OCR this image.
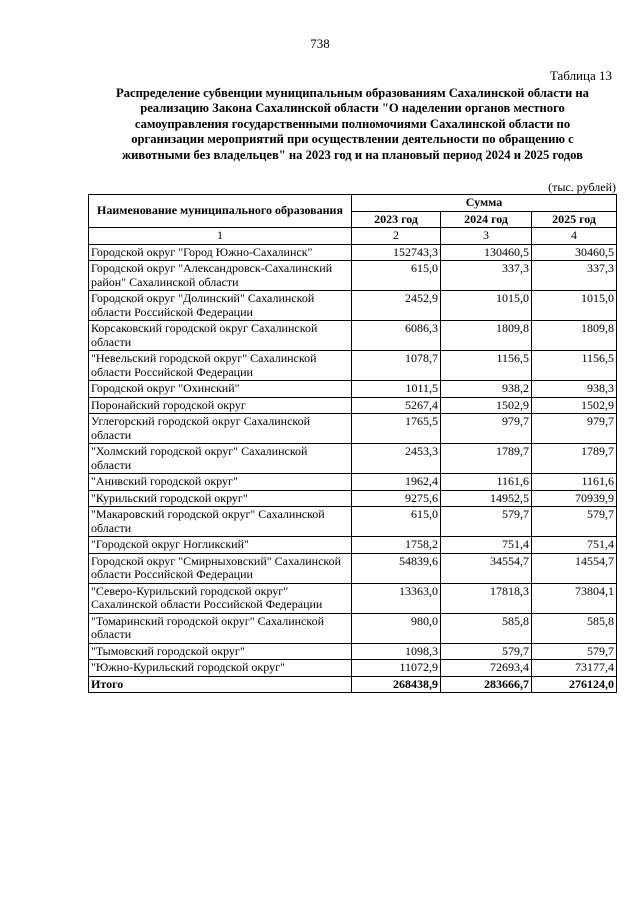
738
Таблица 13
Распределение субвенции муниципальным образованиям Сахалинской области на реализацию Закона Сахалинской области "О наделении органов местного самоуправления государственными полномочиями Сахалинской области по организации мероприятий при осуществлении деятельности по обращению с животными без владельцев" на 2023 год и на плановый период 2024 и 2025 годов
(тыс. рублей)
Наименование муниципального образования	Сумма		
	2023 год	2024 год	2025 год
1	2	3	4
Городской округ "Город Южно-Сахалинск"	152743,3	130460,5	30460,5
Городской округ "Александровск-Сахалинский район" Сахалинской области	615,0	337,3	337,3
Городской округ "Долинский" Сахалинской области Российской Федерации	2452,9	1015,0	1015,0
Корсаковский городской округ Сахалинской области	6086,3	1809,8	1809,8
"Невельский городской округ" Сахалинской области Российской Федерации	1078,7	1156,5	1156,5
Городской округ "Охинский"	1011,5	938,2	938,3
Поронайский городской округ	5267,4	1502,9	1502,9
Углегорский городской округ Сахалинской области	1765,5	979,7	979,7
"Холмский городской округ" Сахалинской области	2453,3	1789,7	1789,7
"Анивский городской округ"	1962,4	1161,6	1161,6
"Курильский городской округ"	9275,6	14952,5	70939,9
"Макаровский городской округ" Сахалинской области	615,0	579,7	579,7
"Городской округ Ногликский"	1758,2	751,4	751,4
Городской округ "Смирныховский" Сахалинской области Российской Федерации	54839,6	34554,7	14554,7
"Северо-Курильский городской округ" Сахалинской области Российской Федерации	13363,0	17818,3	73804,1
"Томаринский городской округ" Сахалинской области	980,0	585,8	585,8
"Тымовский городской округ"	1098,3	579,7	579,7
"Южно-Курильский городской округ"	11072,9	72693,4	73177,4
Итого	268438,9	283666,7	276124,0
